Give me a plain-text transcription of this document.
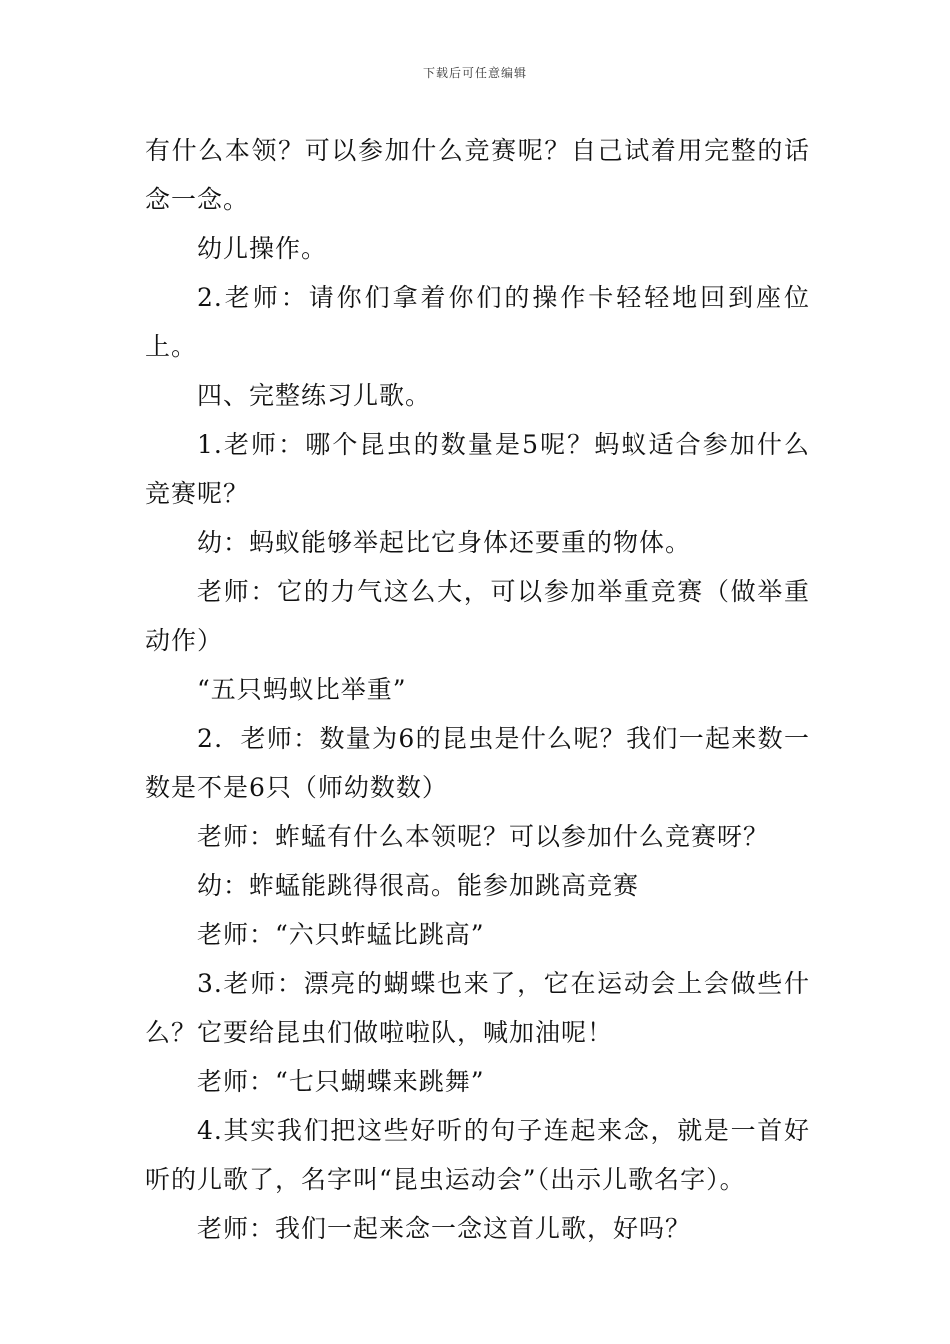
下载后可任意编辑

有什么本领？可以参加什么竞赛呢？自己试着用完整的话念一念。

幼儿操作。

2.老师：请你们拿着你们的操作卡轻轻地回到座位上。

四、完整练习儿歌。

1.老师：哪个昆虫的数量是5呢？蚂蚁适合参加什么竞赛呢？

幼：蚂蚁能够举起比它身体还要重的物体。

老师：它的力气这么大，可以参加举重竞赛（做举重动作）

“五只蚂蚁比举重”

2．老师：数量为6的昆虫是什么呢？我们一起来数一数是不是6只（师幼数数）

老师：蚱蜢有什么本领呢？可以参加什么竞赛呀？

幼：蚱蜢能跳得很高。能参加跳高竞赛

老师：“六只蚱蜢比跳高”

3.老师：漂亮的蝴蝶也来了，它在运动会上会做些什么？它要给昆虫们做啦啦队，喊加油呢！

老师：“七只蝴蝶来跳舞”

4.其实我们把这些好听的句子连起来念，就是一首好听的儿歌了，名字叫“昆虫运动会”（出示儿歌名字）。

老师：我们一起来念一念这首儿歌，好吗？
